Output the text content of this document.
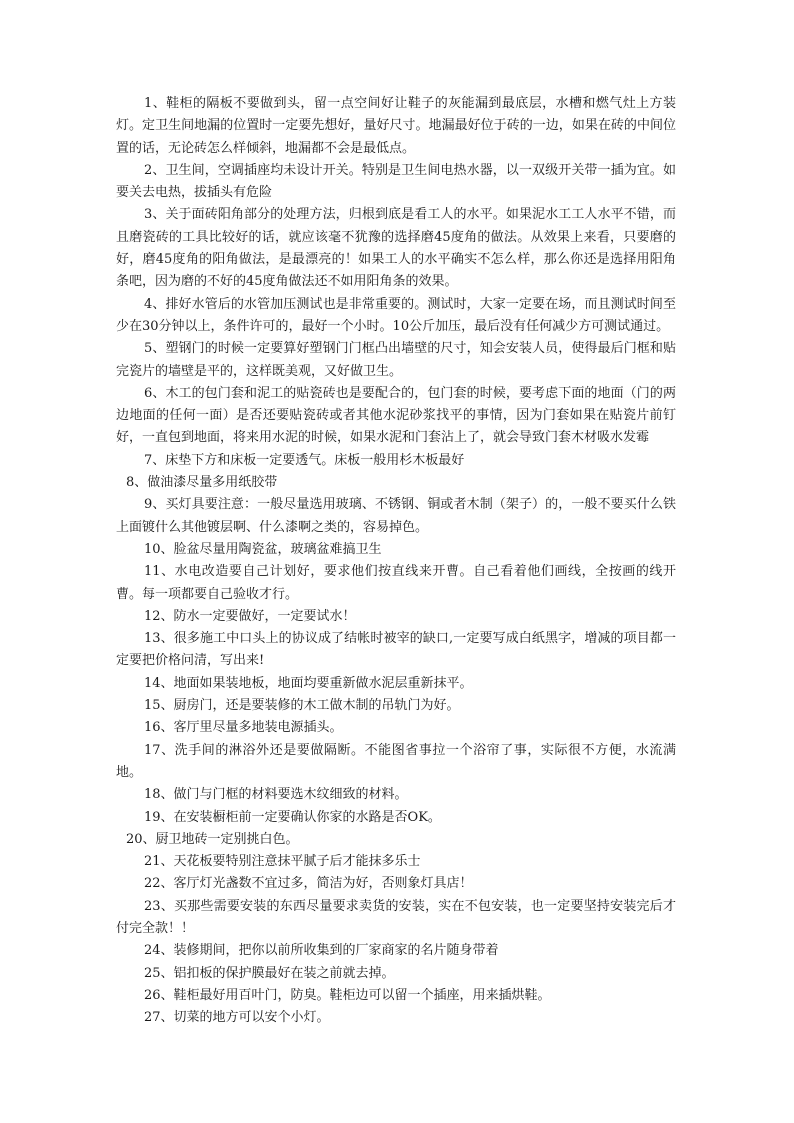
1、鞋柜的隔板不要做到头，留一点空间好让鞋子的灰能漏到最底层，水槽和燃气灶上方装灯。定卫生间地漏的位置时一定要先想好，量好尺寸。地漏最好位于砖的一边，如果在砖的中间位置的话，无论砖怎么样倾斜，地漏都不会是最低点。

2、卫生间，空调插座均未设计开关。特别是卫生间电热水器，以一双级开关带一插为宜。如要关去电热，拔插头有危险

3、关于面砖阳角部分的处理方法，归根到底是看工人的水平。如果泥水工工人水平不错，而且磨瓷砖的工具比较好的话，就应该毫不犹豫的选择磨45度角的做法。从效果上来看，只要磨的好，磨45度角的阳角做法，是最漂亮的！如果工人的水平确实不怎么样，那么你还是选择用阳角条吧，因为磨的不好的45度角做法还不如用阳角条的效果。

4、排好水管后的水管加压测试也是非常重要的。测试时，大家一定要在场，而且测试时间至少在30分钟以上，条件许可的，最好一个小时。10公斤加压，最后没有任何减少方可测试通过。

5、塑钢门的时候一定要算好塑钢门门框凸出墙壁的尺寸，知会安装人员，使得最后门框和贴完瓷片的墙壁是平的，这样既美观，又好做卫生。

6、木工的包门套和泥工的贴瓷砖也是要配合的，包门套的时候，要考虑下面的地面（门的两边地面的任何一面）是否还要贴瓷砖或者其他水泥砂浆找平的事情，因为门套如果在贴瓷片前钉好，一直包到地面，将来用水泥的时候，如果水泥和门套沾上了，就会导致门套木材吸水发霉

7、床垫下方和床板一定要透气。床板一般用杉木板最好

8、做油漆尽量多用纸胶带

9、买灯具要注意：一般尽量选用玻璃、不锈钢、铜或者木制（架子）的，一般不要买什么铁上面镀什么其他镀层啊、什么漆啊之类的，容易掉色。

10、脸盆尽量用陶瓷盆，玻璃盆难搞卫生

11、水电改造要自己计划好，要求他们按直线来开曹。自己看着他们画线，全按画的线开曹。每一项都要自己验收才行。

12、防水一定要做好，一定要试水！

13、很多施工中口头上的协议成了结帐时被宰的缺口,一定要写成白纸黑字，增减的项目都一定要把价格问清，写出来!

14、地面如果装地板，地面均要重新做水泥层重新抹平。

15、厨房门，还是要装修的木工做木制的吊轨门为好。

16、客厅里尽量多地装电源插头。

17、洗手间的淋浴外还是要做隔断。不能图省事拉一个浴帘了事，实际很不方便，水流满地。

18、做门与门框的材料要选木纹细致的材料。

19、在安装橱柜前一定要确认你家的水路是否OK。

20、厨卫地砖一定别挑白色。

21、天花板要特别注意抹平腻子后才能抹多乐士

22、客厅灯光盏数不宜过多，简洁为好，否则象灯具店！

23、买那些需要安装的东西尽量要求卖货的安装，实在不包安装，也一定要坚持安装完后才付完全款！！

24、装修期间，把你以前所收集到的厂家商家的名片随身带着

25、铝扣板的保护膜最好在装之前就去掉。

26、鞋柜最好用百叶门，防臭。鞋柜边可以留一个插座，用来插烘鞋。

27、切菜的地方可以安个小灯。
